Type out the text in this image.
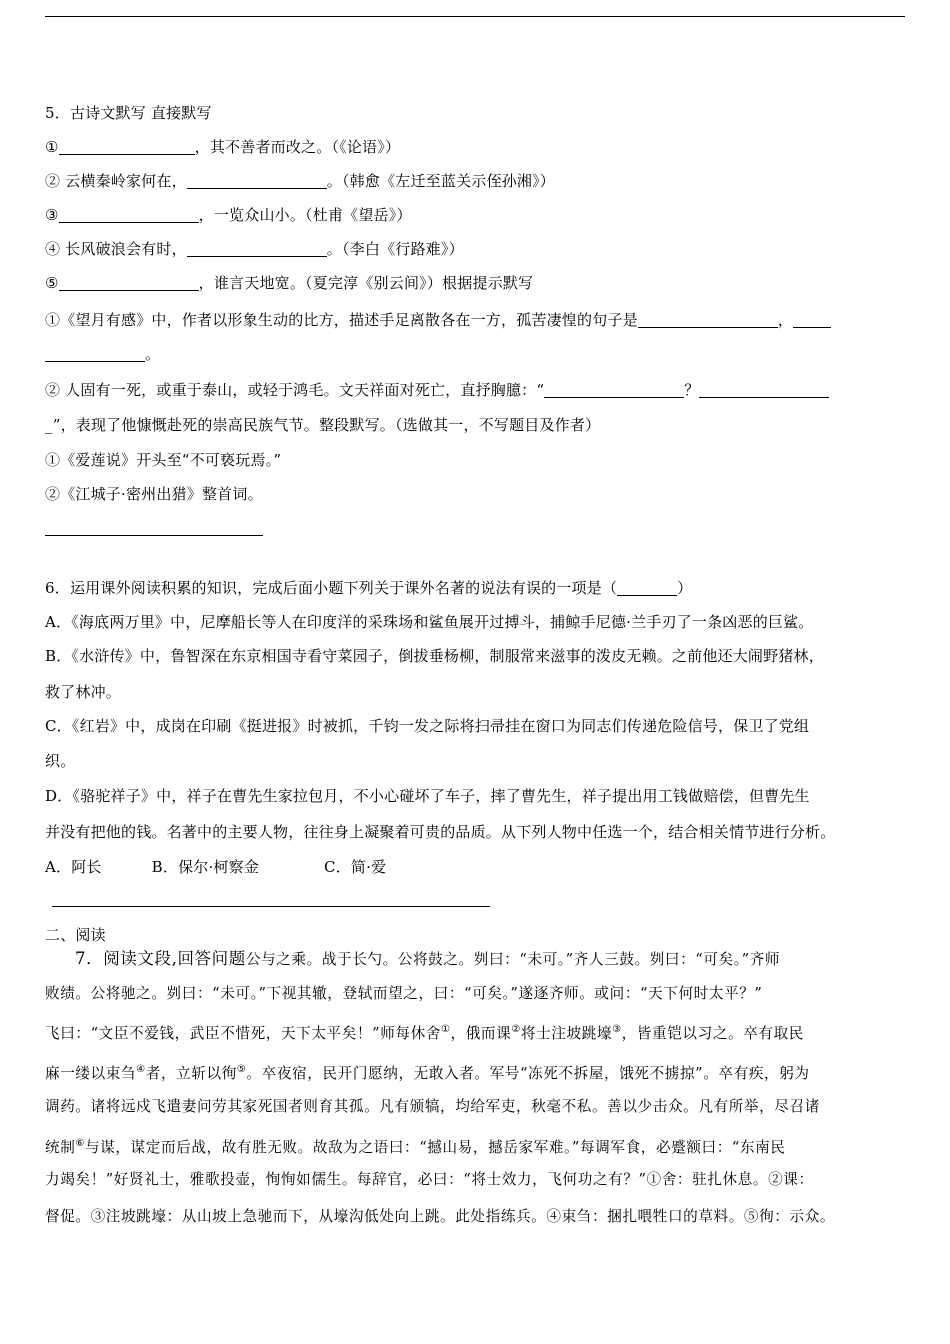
5．古诗文默写 直接默写
①	，其不善者而改之。（《论语》）
② 云横秦岭家何在，	。（韩愈《左迁至蓝关示侄孙湘》）
③	，一览众山小。（杜甫《望岳》）
④ 长风破浪会有时，	。（李白《行路难》）
⑤	，谁言天地宽。（夏完淳《别云间》）根据提示默写
①《望月有感》中，作者以形象生动的比方，描述手足离散各在一方，孤苦凄惶的句子是	，
。
② 人固有一死，或重于泰山，或轻于鸿毛。文天祥面对死亡，直抒胸臆：“	？
_”，表现了他慷慨赴死的崇高民族气节。整段默写。（选做其一，不写题目及作者）
①《爱莲说》开头至“不可亵玩焉。”
②《江城子·密州出猎》整首词。
6．运用课外阅读积累的知识，完成后面小题下列关于课外名著的说法有误的一项是（	）
A．《海底两万里》中，尼摩船长等人在印度洋的采珠场和鲨鱼展开过搏斗，捕鲸手尼德·兰手刃了一条凶恶的巨鲨。
B．《水浒传》中，鲁智深在东京相国寺看守菜园子，倒拔垂杨柳，制服常来滋事的泼皮无赖。之前他还大闹野猪林，
救了林冲。
C．《红岩》中，成岗在印刷《挺进报》时被抓，千钧一发之际将扫帚挂在窗口为同志们传递危险信号，保卫了党组
织。
D．《骆驼祥子》中，祥子在曹先生家拉包月，不小心碰坏了车子，摔了曹先生，祥子提出用工钱做赔偿，但曹先生
并没有把他的钱。名著中的主要人物，往往身上凝聚着可贵的品质。从下列人物中任选一个，结合相关情节进行分析。
A．阿长	B．保尔·柯察金	C．简·爱
二、阅读
7．阅读文段,回答问题公与之乘。战于长勺。公将鼓之。刿曰：“未可。”齐人三鼓。刿曰：“可矣。”齐师
败绩。公将驰之。刿曰：“未可。”下视其辙，登轼而望之，曰：“可矣。”遂逐齐师。或问：“天下何时太平？”
飞曰：“文臣不爱钱，武臣不惜死，天下太平矣！”师每休舍①，俄而课②将士注坡跳壕③，皆重铠以习之。卒有取民
麻一缕以束刍④者，立斩以徇⑤。卒夜宿，民开门愿纳，无敢入者。军号“冻死不拆屋，饿死不掳掠”。卒有疾，躬为
调药。诸将远戍飞遣妻问劳其家死国者则育其孤。凡有颁犒，均给军吏，秋毫不私。善以少击众。凡有所举，尽召诸
统制⑥与谋，谋定而后战，故有胜无败。故敌为之语曰：“撼山易，撼岳家军难。”每调军食，必蹙额曰：“东南民
力竭矣！”好贤礼士，雅歌投壶，恂恂如儒生。每辞官，必曰：“将士效力，飞何功之有？”①舍：驻扎休息。②课：
督促。③注坡跳壕：从山坡上急驰而下，从壕沟低处向上跳。此处指练兵。④束刍：捆扎喂牲口的草料。⑤徇：示众。
